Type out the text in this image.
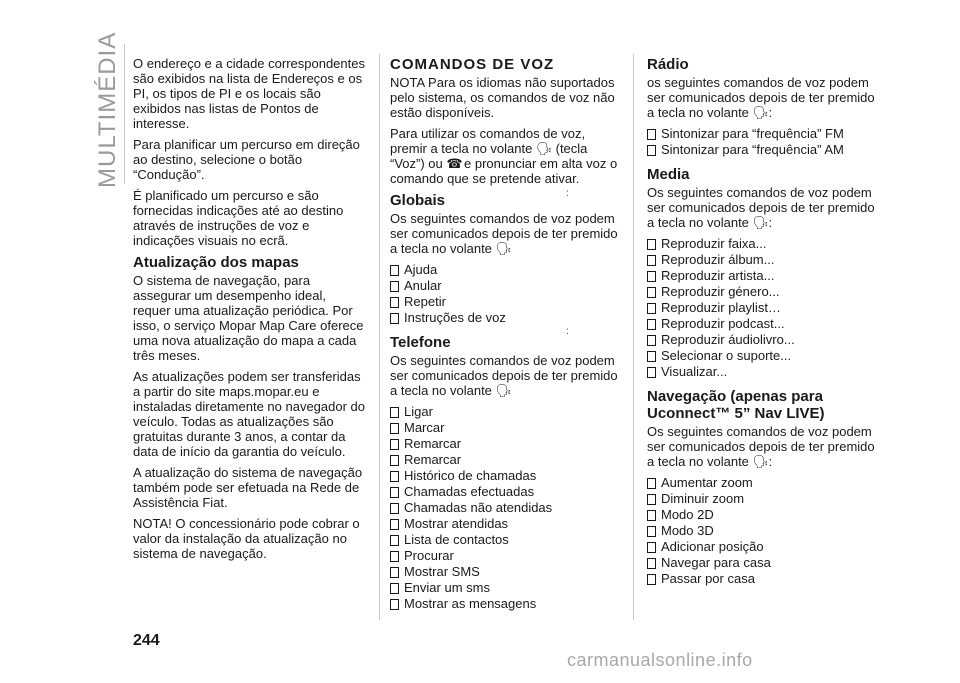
MULTIMÉDIA O endereço e a cidade correspondentes são exibidos na lista de Endereços e os PI, os tipos de PI e os locais são exibidos nas listas de Pontos de interesse.

Para planificar um percurso em direção ao destino, selecione o botão “Condução”.

É planificado um percurso e são fornecidas indicações até ao destino através de instruções de voz e indicações visuais no ecrã.

Atualização dos mapas

O sistema de navegação, para assegurar um desempenho ideal, requer uma atualização periódica. Por isso, o serviço Mopar Map Care oferece uma nova atualização do mapa a cada três meses.

As atualizações podem ser transferidas a partir do site maps.mopar.eu e instaladas diretamente no navegador do veículo. Todas as atualizações são gratuitas durante 3 anos, a contar da data de início da garantia do veículo.

A atualização do sistema de navegação também pode ser efetuada na Rede de Assistência Fiat.

NOTA! O concessionário pode cobrar o valor da instalação da atualização no sistema de navegação.

COMANDOS DE VOZ

NOTA Para os idiomas não suportados pelo sistema, os comandos de voz não estão disponíveis.

Para utilizar os comandos de voz, premir a tecla no volante 🗣 (tecla “Voz”) ou ☎ e pronunciar em alta voz o comando que se pretende ativar.

Globais

Os seguintes comandos de voz podem ser comunicados depois de ter premido a tecla no volante 🗣

Ajuda
Anular
Repetir
Instruções de voz
Telefone

Os seguintes comandos de voz podem ser comunicados depois de ter premido a tecla no volante 🗣

Ligar
Marcar
Remarcar
Remarcar
Histórico de chamadas
Chamadas efectuadas
Chamadas não atendidas
Mostrar atendidas
Lista de contactos
Procurar
Mostrar SMS
Enviar um sms
Mostrar as mensagens
:
:
Rádio

os seguintes comandos de voz podem ser comunicados depois de ter premido a tecla no volante 🗣:

Sintonizar para “frequência” FM
Sintonizar para “frequência” AM
Media

Os seguintes comandos de voz podem ser comunicados depois de ter premido a tecla no volante 🗣:

Reproduzir faixa...
Reproduzir álbum...
Reproduzir artista...
Reproduzir género...
Reproduzir playlist…
Reproduzir podcast...
Reproduzir áudiolivro...
Selecionar o suporte...
Visualizar...
Navegação (apenas para Uconnect™ 5” Nav LIVE)

Os seguintes comandos de voz podem ser comunicados depois de ter premido a tecla no volante 🗣:

Aumentar zoom
Diminuir zoom
Modo 2D
Modo 3D
Adicionar posição
Navegar para casa
Passar por casa
244
carmanualsonline.info
